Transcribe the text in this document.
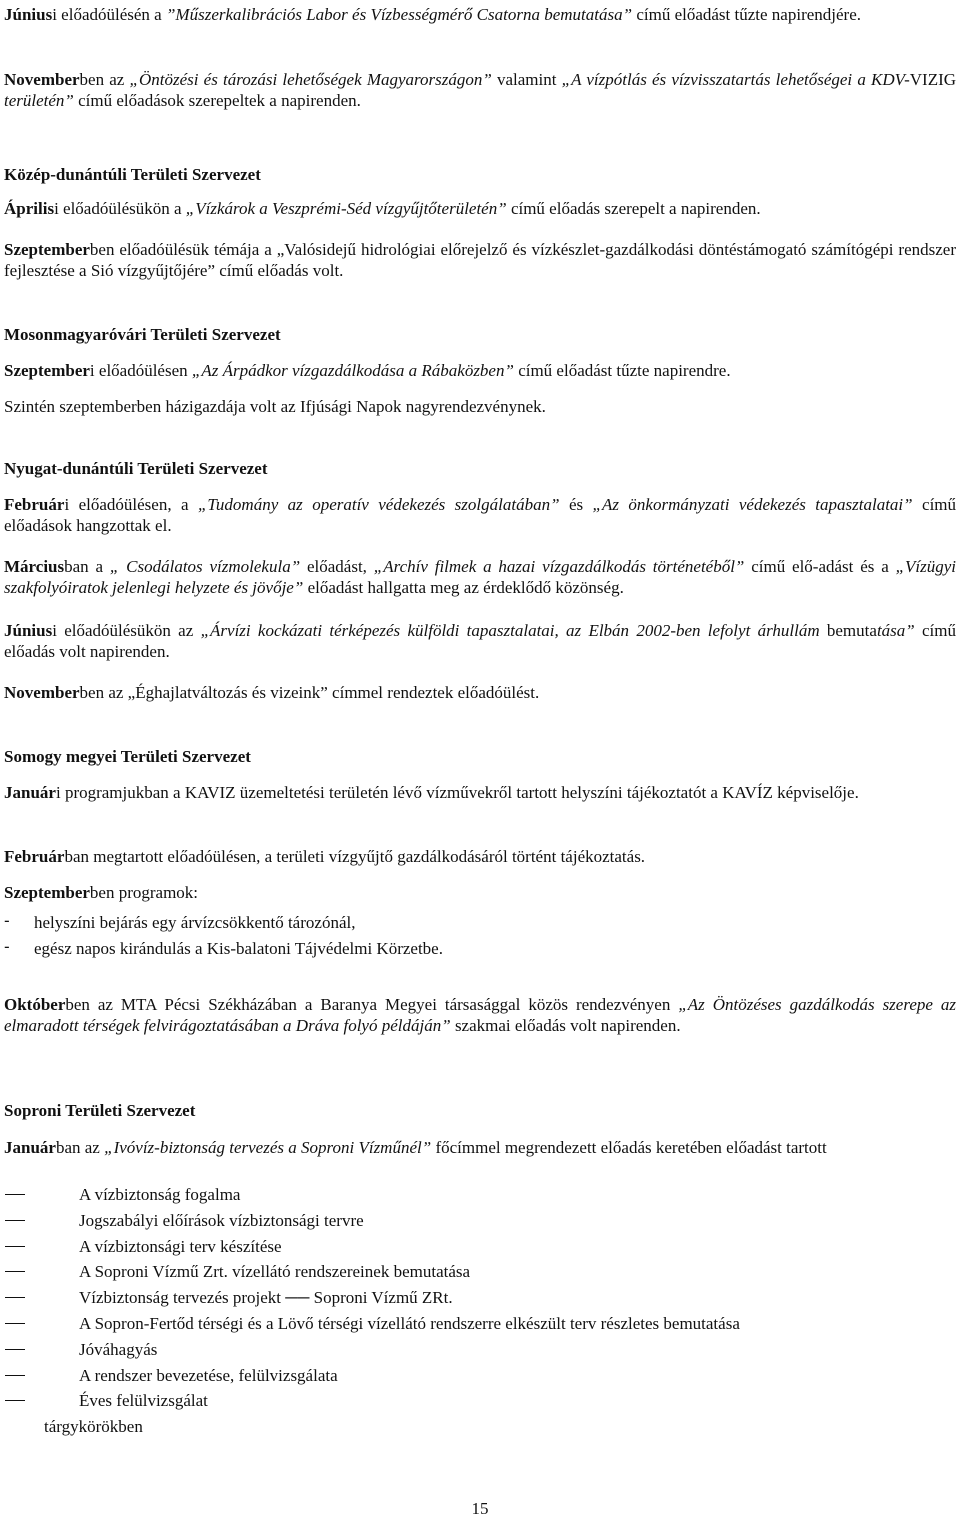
Júniusi előadóülésén a ”Műszerkalibrációs Labor és Vízbességmérő Csatorna bemutatása” című előadást tűzte napirendjére.

Novemberben az „Öntözési és tározási lehetőségek Magyarországon” valamint „A vízpótlás és vízvisszatartás lehetőségei a KDV-VIZIG területén” című előadások szerepeltek a napirenden.

Közép-dunántúli Területi Szervezet

Áprilisi előadóülésükön a „Vízkárok a Veszprémi-Séd vízgyűjtőterületén” című előadás szerepelt a napirenden.

Szeptemberben előadóülésük témája a „Valósidejű hidrológiai előrejelző és vízkészlet-gazdálkodási döntéstámogató számítógépi rendszer fejlesztése a Sió vízgyűjtőjére” című előadás volt.

Mosonmagyaróvári Területi Szervezet

Szeptemberi előadóülésen „Az Árpádkor vízgazdálkodása a Rábaközben” című előadást tűzte napirendre.

Szintén szeptemberben házigazdája volt az Ifjúsági Napok nagyrendezvénynek.

Nyugat-dunántúli Területi Szervezet

Februári előadóülésen, a „Tudomány az operatív védekezés szolgálatában” és „Az önkormányzati védekezés tapasztalatai” című előadások hangzottak el.

Márciusban a „ Csodálatos vízmolekula” előadást, „Archív filmek a hazai vízgazdálkodás történetéből” című elő-adást és a „Vízügyi szakfolyóiratok jelenlegi helyzete és jövője” előadást hallgatta meg az érdeklődő közönség.

Júniusi előadóülésükön az „Árvízi kockázati térképezés külföldi tapasztalatai, az Elbán 2002-ben lefolyt árhullám bemutatása” című előadás volt napirenden.

Novemberben az „Éghajlatváltozás és vizeink” címmel rendeztek előadóülést.

Somogy megyei Területi Szervezet

Januári programjukban a KAVIZ üzemeltetési területén lévő vízművekről tartott helyszíni tájékoztatót a KAVÍZ képviselője.

Februárban megtartott előadóülésen, a területi vízgyűjtő gazdálkodásáról történt tájékoztatás.

Szeptemberben programok:

- helyszíni bejárás egy árvízcsökkentő tározónál,
- egész napos kirándulás a Kis-balatoni Tájvédelmi Körzetbe.

Októberben az MTA Pécsi Székházában a Baranya Megyei társasággal közös rendezvényen „Az Öntözéses gazdálkodás szerepe az elmaradott térségek felvirágoztatásában a Dráva folyó példáján” szakmai előadás volt napirenden.

Soproni Területi Szervezet

Januárban az „Ivóvíz-biztonság tervezés a Soproni Vízműnél” főcímmel megrendezett előadás keretében előadást tartott

A vízbiztonság fogalma
Jogszabályi előírások vízbiztonsági tervre
A vízbiztonsági terv készítése
A Soproni Vízmű Zrt. vízellátó rendszereinek bemutatása
Vízbiztonság tervezés projekt ── Soproni Vízmű ZRt.
A Sopron-Fertőd térségi és a Lövő térségi vízellátó rendszerre elkészült terv részletes bemutatása
Jóváhagyás
A rendszer bevezetése, felülvizsgálata
Éves felülvizsgálat

tárgykörökben

15
